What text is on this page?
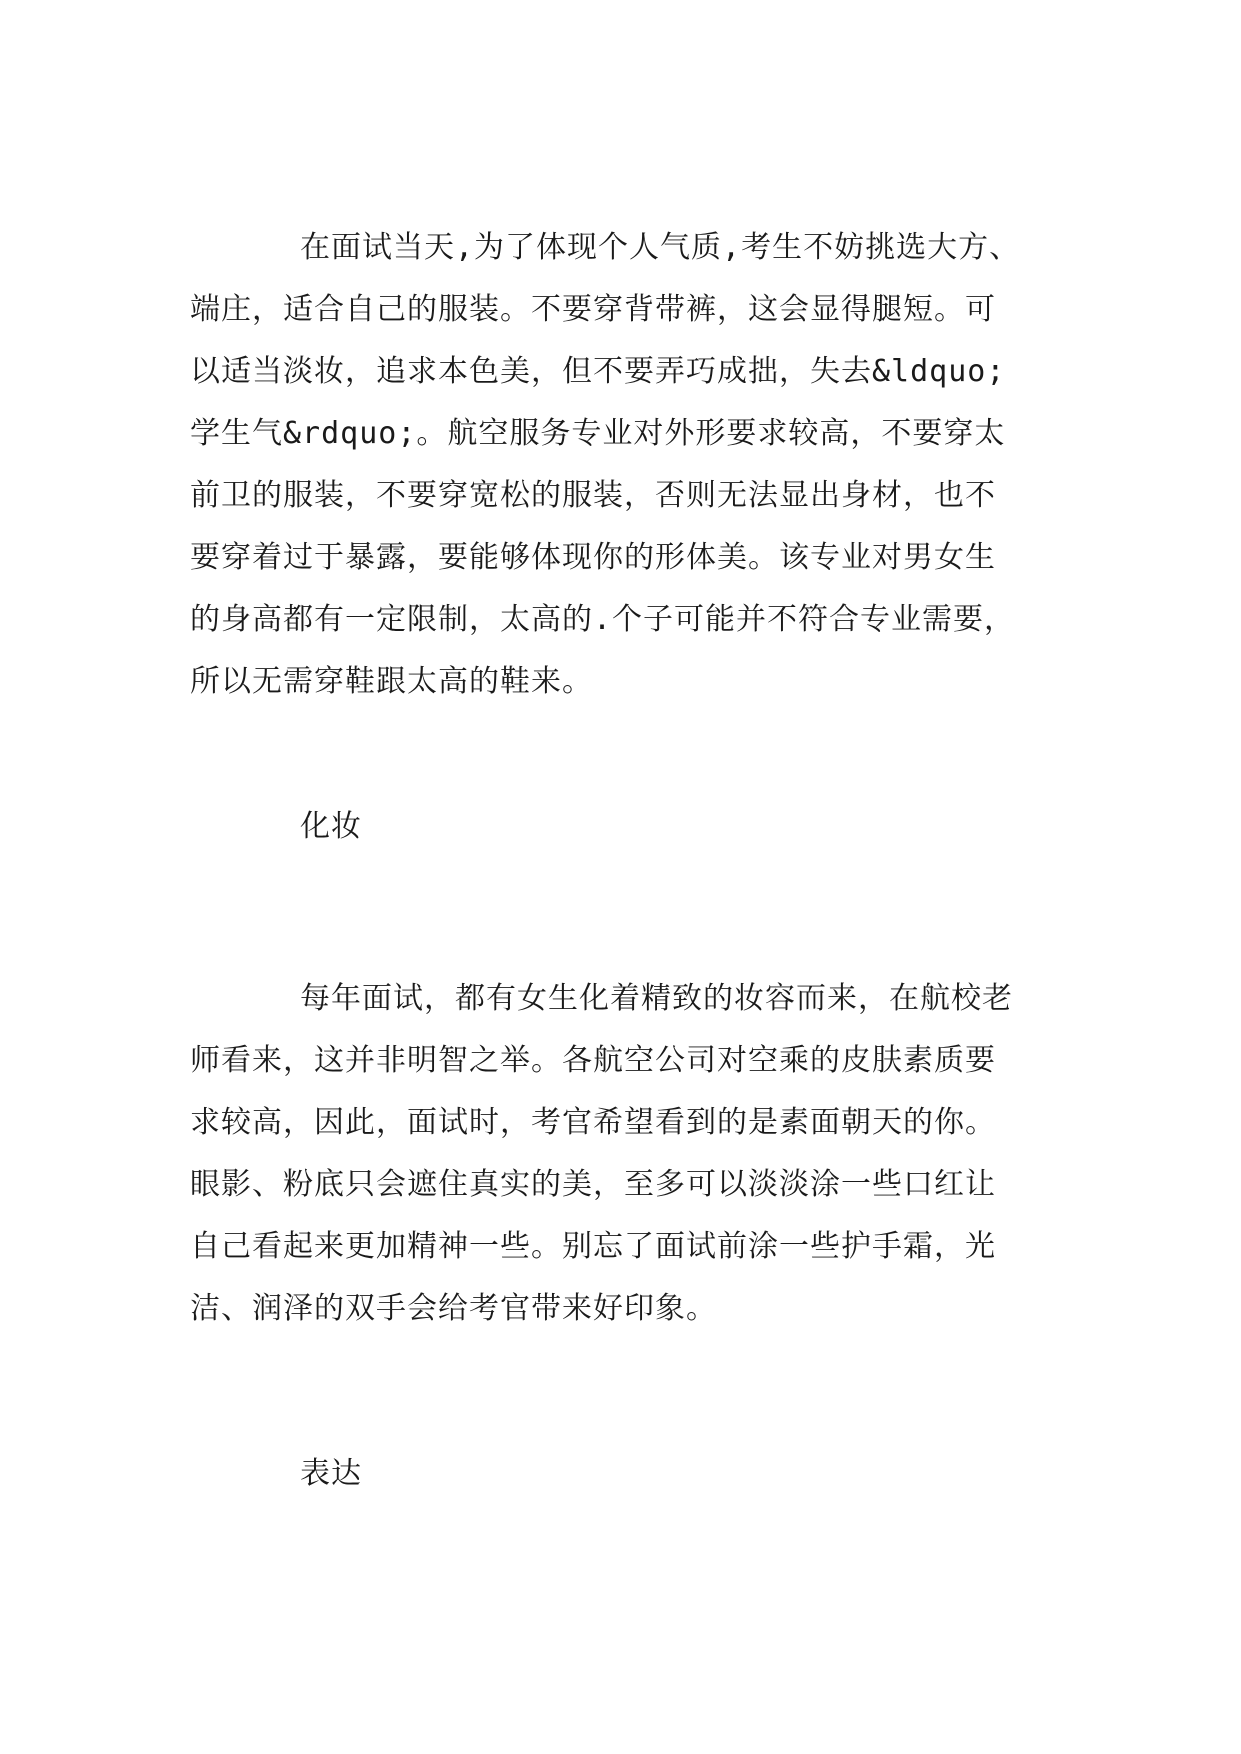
在面试当天,为了体现个人气质,考生不妨挑选大方、
端庄，适合自己的服装。不要穿背带裤，这会显得腿短。可
以适当淡妆，追求本色美，但不要弄巧成拙，失去&ldquo;
学生气&rdquo;。航空服务专业对外形要求较高，不要穿太
前卫的服装，不要穿宽松的服装，否则无法显出身材，也不
要穿着过于暴露，要能够体现你的形体美。该专业对男女生
的身高都有一定限制，太高的.个子可能并不符合专业需要，
所以无需穿鞋跟太高的鞋来。

化妆

每年面试，都有女生化着精致的妆容而来，在航校老
师看来，这并非明智之举。各航空公司对空乘的皮肤素质要
求较高，因此，面试时，考官希望看到的是素面朝天的你。
眼影、粉底只会遮住真实的美，至多可以淡淡涂一些口红让
自己看起来更加精神一些。别忘了面试前涂一些护手霜，光
洁、润泽的双手会给考官带来好印象。

表达
